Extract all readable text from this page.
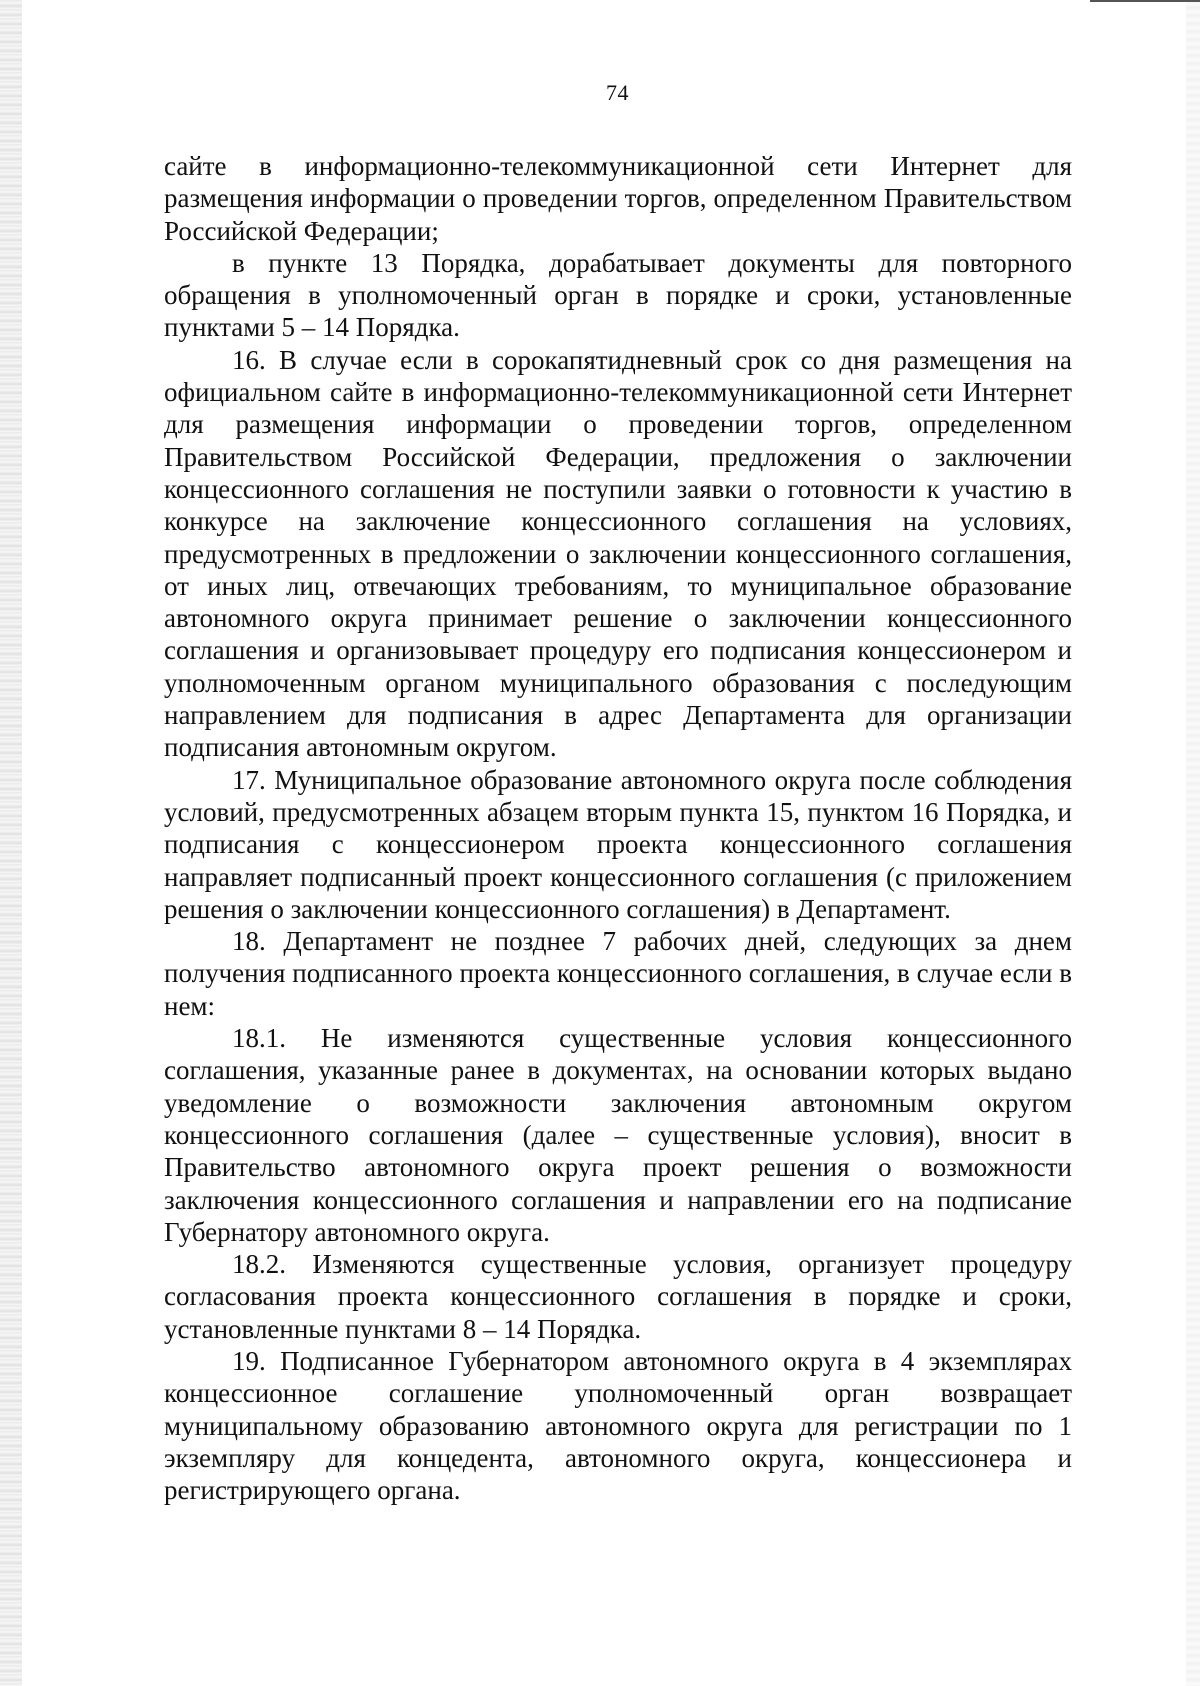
74

сайте в информационно-телекоммуникационной сети Интернет для размещения информации о проведении торгов, определенном Правительством Российской Федерации;

в пункте 13 Порядка, дорабатывает документы для повторного обращения в уполномоченный орган в порядке и сроки, установленные пунктами 5 – 14 Порядка.

16. В случае если в сорокапятидневный срок со дня размещения на официальном сайте в информационно-телекоммуникационной сети Интернет для размещения информации о проведении торгов, определенном Правительством Российской Федерации, предложения о заключении концессионного соглашения не поступили заявки о готовности к участию в конкурсе на заключение концессионного соглашения на условиях, предусмотренных в предложении о заключении концессионного соглашения, от иных лиц, отвечающих требованиям, то муниципальное образование автономного округа принимает решение о заключении концессионного соглашения и организовывает процедуру его подписания концессионером и уполномоченным органом муниципального образования с последующим направлением для подписания в адрес Департамента для организации подписания автономным округом.

17. Муниципальное образование автономного округа после соблюдения условий, предусмотренных абзацем вторым пункта 15, пунктом 16 Порядка, и подписания с концессионером проекта концессионного соглашения направляет подписанный проект концессионного соглашения (с приложением решения о заключении концессионного соглашения) в Департамент.

18. Департамент не позднее 7 рабочих дней, следующих за днем получения подписанного проекта концессионного соглашения, в случае если в нем:

18.1. Не изменяются существенные условия концессионного соглашения, указанные ранее в документах, на основании которых выдано уведомление о возможности заключения автономным округом концессионного соглашения (далее – существенные условия), вносит в Правительство автономного округа проект решения о возможности заключения концессионного соглашения и направлении его на подписание Губернатору автономного округа.

18.2. Изменяются существенные условия, организует процедуру согласования проекта концессионного соглашения в порядке и сроки, установленные пунктами 8 – 14 Порядка.

19. Подписанное Губернатором автономного округа в 4 экземплярах концессионное соглашение уполномоченный орган возвращает муниципальному образованию автономного округа для регистрации по 1 экземпляру для концедента, автономного округа, концессионера и регистрирующего органа.
